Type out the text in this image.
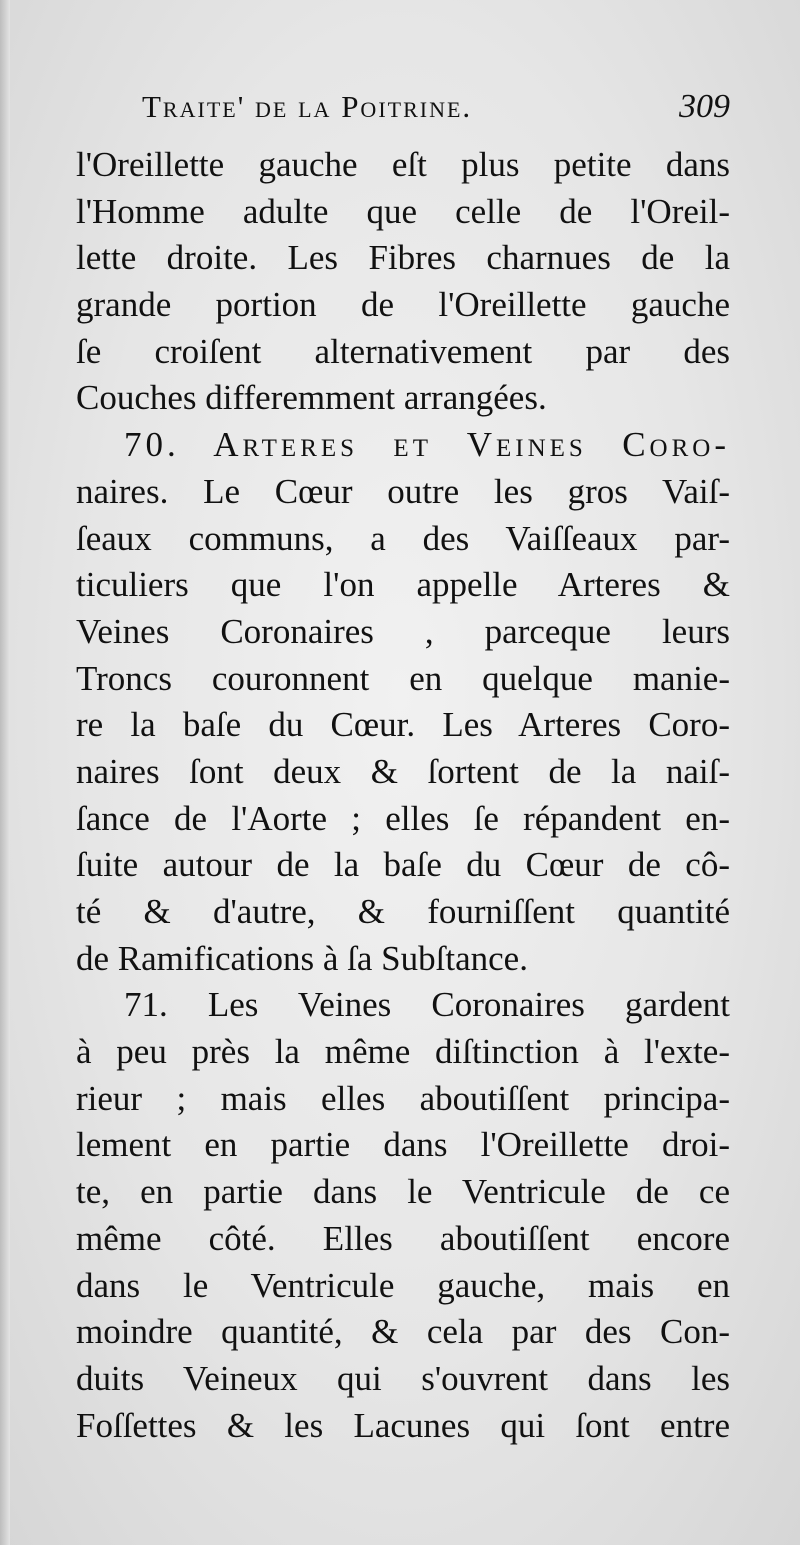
Traite' de la Poitrine.	309
l'Oreillette gauche eſt plus petite dans
l'Homme adulte que celle de l'Oreil-
lette droite. Les Fibres charnues de la
grande portion de l'Oreillette gauche
ſe croiſent alternativement par des
Couches differemment arrangées.
70. Arteres et Veines Coro-
naires. Le Cœur outre les gros Vaiſ-
ſeaux communs, a des Vaiſſeaux par-
ticuliers que l'on appelle Arteres &
Veines Coronaires , parceque leurs
Troncs couronnent en quelque manie-
re la baſe du Cœur. Les Arteres Coro-
naires ſont deux & ſortent de la naiſ-
ſance de l'Aorte ; elles ſe répandent en-
ſuite autour de la baſe du Cœur de cô-
té & d'autre, & fourniſſent quantité
de Ramifications à ſa Subſtance.
71. Les Veines Coronaires gardent
à peu près la même diſtinction à l'exte-
rieur ; mais elles aboutiſſent principa-
lement en partie dans l'Oreillette droi-
te, en partie dans le Ventricule de ce
même côté. Elles aboutiſſent encore
dans le Ventricule gauche, mais en
moindre quantité, & cela par des Con-
duits Veineux qui s'ouvrent dans les
Foſſettes & les Lacunes qui ſont entre
